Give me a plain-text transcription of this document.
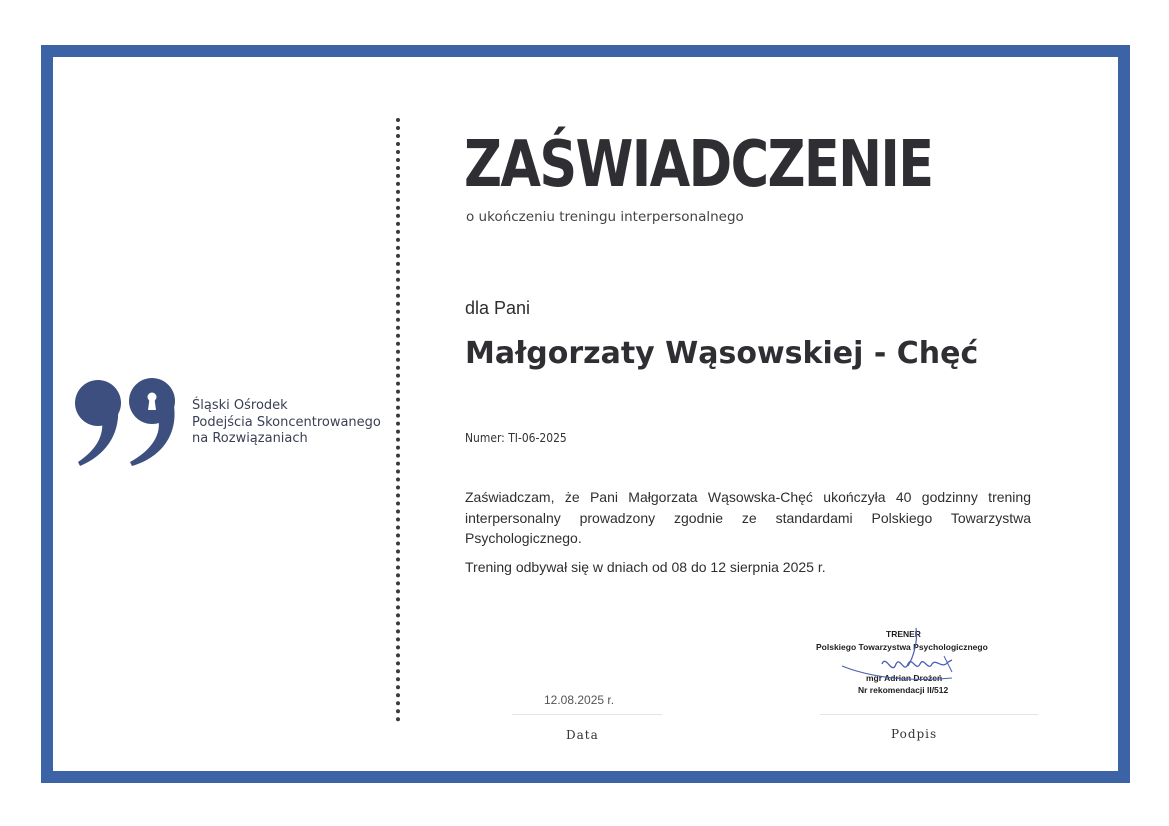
Śląski Ośrodek
Podejścia Skoncentrowanego
na Rozwiązaniach
ZAŚWIADCZENIE
o ukończeniu treningu interpersonalnego
dla Pani
Małgorzaty Wąsowskiej - Chęć
Numer: TI-06-2025

Zaświadczam, że Pani Małgorzata Wąsowska-Chęć ukończyła 40 godzinny trening interpersonalny prowadzony zgodnie ze standardami Polskiego Towarzystwa Psychologicznego.

Trening odbywał się w dniach od 08 do 12 sierpnia 2025 r.

TRENER
Polskiego Towarzystwa Psychologicznego
mgr Adrian Drożeń
Nr rekomendacji II/512
12.08.2025 r.
Data	Podpis
